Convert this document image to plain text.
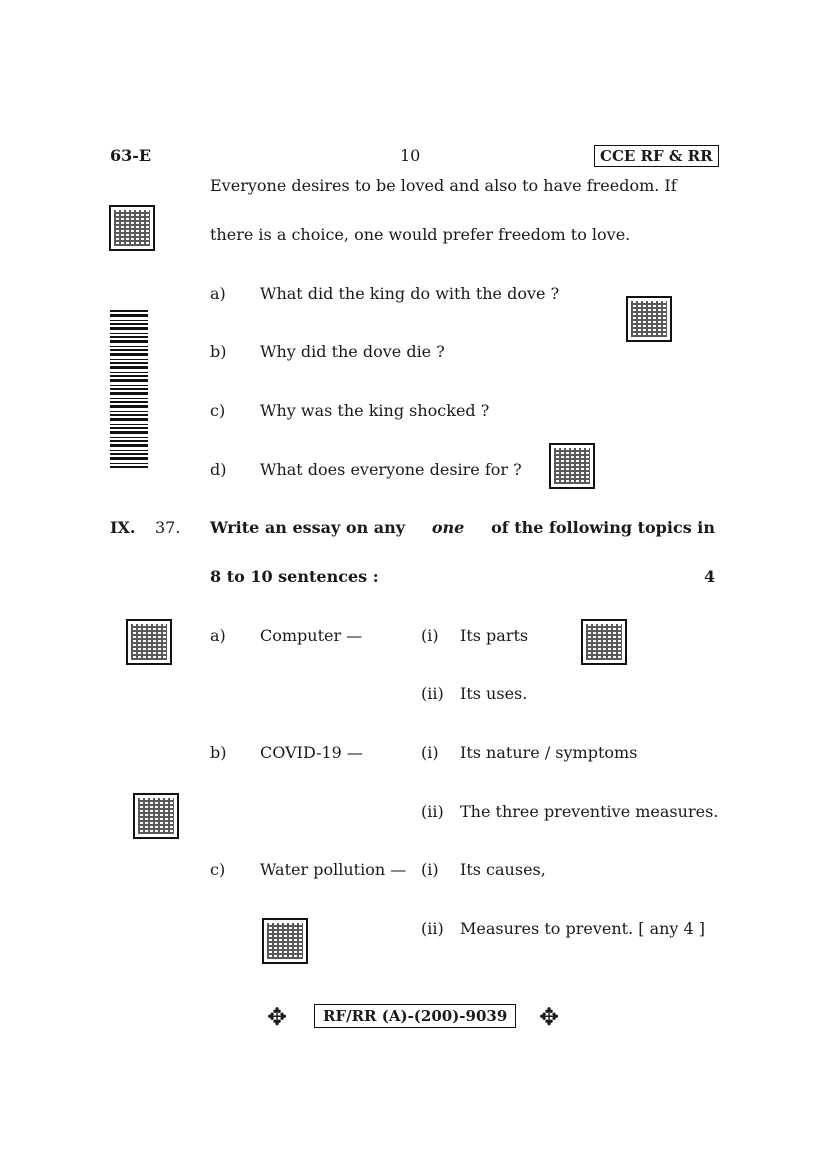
63-E	10	CCE RF & RR
Everyone desires to be loved and also to have freedom. If
there is a choice, one would prefer freedom to love.
a) What did the king do with the dove ?
b) Why did the dove die ?
c) Why was the king shocked ?
d) What does everyone desire for ?
IX. 37. Write an essay on any one of the following topics in
8 to 10 sentences :	4
a) Computer —	(i) Its parts
(ii) Its uses.
b) COVID-19 —	(i) Its nature / symptoms
(ii) The three preventive measures.
c) Water pollution — (i) Its causes,
(ii) Measures to prevent. [ any 4 ]
✥	RF/RR (A)-(200)-9039	✥
